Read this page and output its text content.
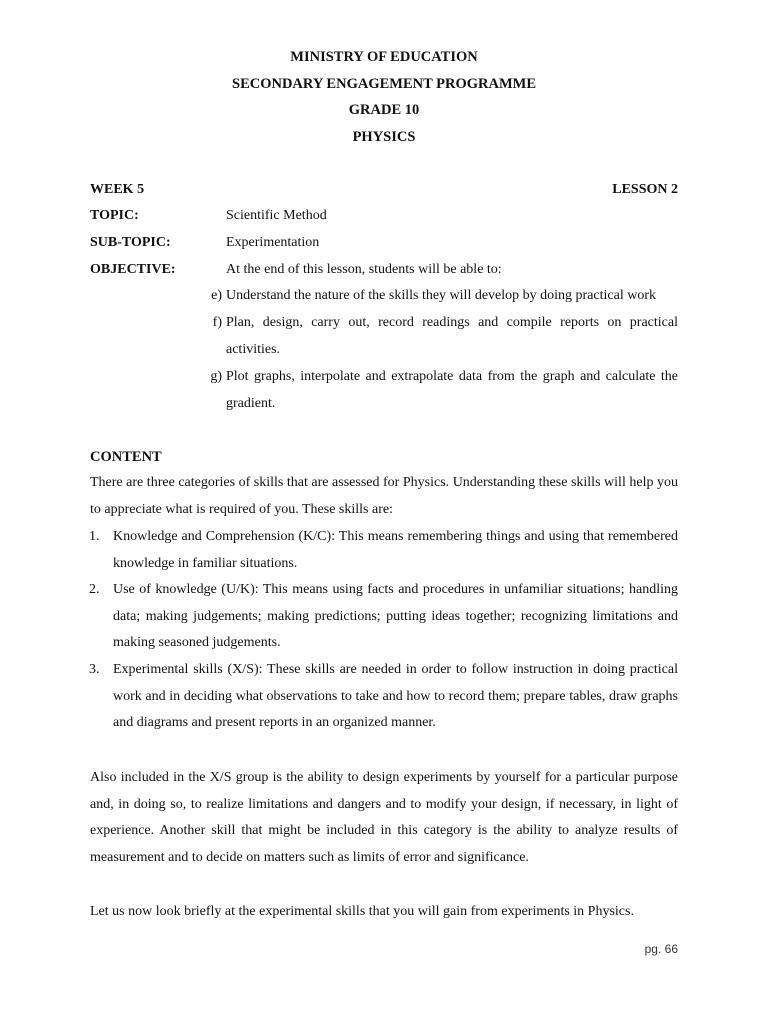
MINISTRY OF EDUCATION
SECONDARY ENGAGEMENT PROGRAMME
GRADE 10
PHYSICS
WEEK 5	LESSON 2
TOPIC:	Scientific Method
SUB-TOPIC:	Experimentation
OBJECTIVE:	At the end of this lesson, students will be able to:
e) Understand the nature of the skills they will develop by doing practical work
f) Plan, design, carry out, record readings and compile reports on practical activities.
g) Plot graphs, interpolate and extrapolate data from the graph and calculate the gradient.
CONTENT

There are three categories of skills that are assessed for Physics. Understanding these skills will help you to appreciate what is required of you. These skills are:

1. Knowledge and Comprehension (K/C): This means remembering things and using that remembered knowledge in familiar situations.
2. Use of knowledge (U/K): This means using facts and procedures in unfamiliar situations; handling data; making judgements; making predictions; putting ideas together; recognizing limitations and making seasoned judgements.
3. Experimental skills (X/S): These skills are needed in order to follow instruction in doing practical work and in deciding what observations to take and how to record them; prepare tables, draw graphs and diagrams and present reports in an organized manner.

Also included in the X/S group is the ability to design experiments by yourself for a particular purpose and, in doing so, to realize limitations and dangers and to modify your design, if necessary, in light of experience. Another skill that might be included in this category is the ability to analyze results of measurement and to decide on matters such as limits of error and significance.

Let us now look briefly at the experimental skills that you will gain from experiments in Physics.

pg. 66
